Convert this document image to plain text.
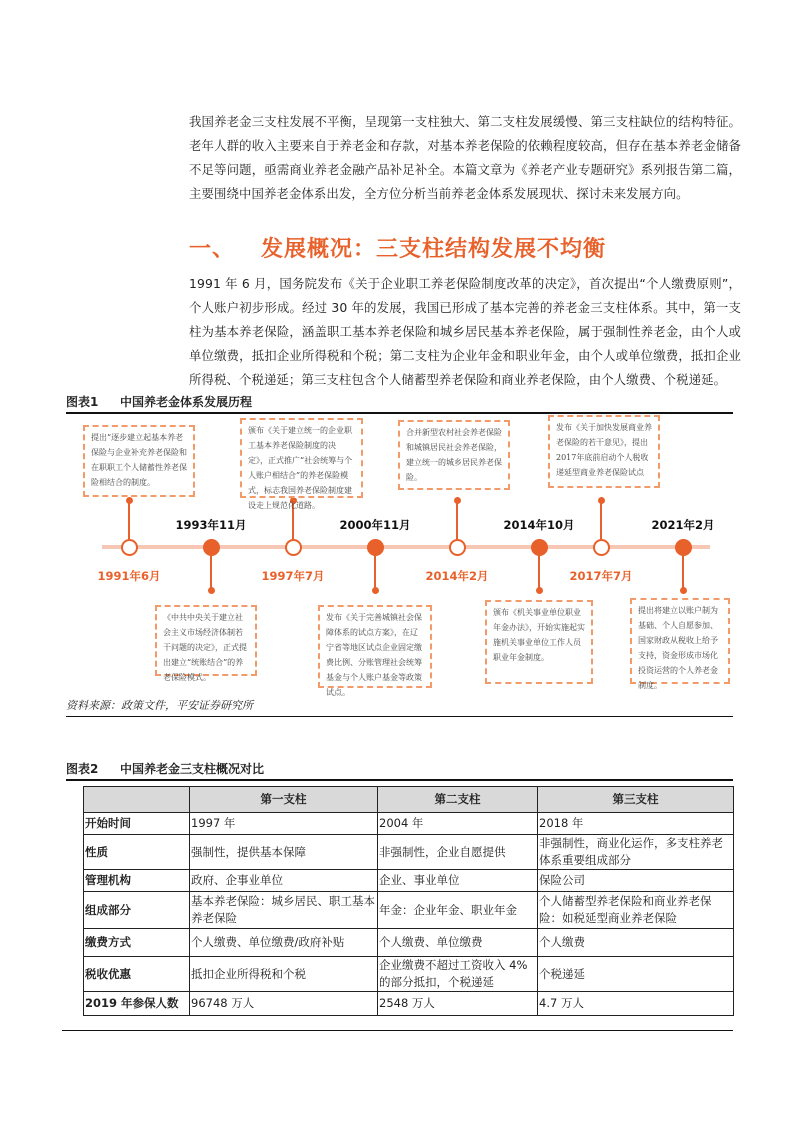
我国养老金三支柱发展不平衡，呈现第一支柱独大、第二支柱发展缓慢、第三支柱缺位的结构特征。老年人群的收入主要来自于养老金和存款，对基本养老保险的依赖程度较高，但存在基本养老金储备不足等问题，亟需商业养老金融产品补足补全。本篇文章为《养老产业专题研究》系列报告第二篇，主要围绕中国养老金体系出发，全方位分析当前养老金体系发展现状、探讨未来发展方向。
一、 发展概况：三支柱结构发展不均衡
1991 年 6 月，国务院发布《关于企业职工养老保险制度改革的决定》，首次提出“个人缴费原则”，个人账户初步形成。经过 30 年的发展，我国已形成了基本完善的养老金三支柱体系。其中，第一支柱为基本养老保险，涵盖职工基本养老保险和城乡居民基本养老保险，属于强制性养老金，由个人或单位缴费，抵扣企业所得税和个税；第二支柱为企业年金和职业年金，由个人或单位缴费，抵扣企业所得税、个税递延；第三支柱包含个人储蓄型养老保险和商业养老保险，由个人缴费、个税递延。
图表1 中国养老金体系发展历程
1991年6月
提出“逐步建立起基本养老保险与企业补充养老保险和在职职工个人储蓄性养老保险相结合的制度。
1993年11月
《中共中央关于建立社会主义市场经济体制若干问题的决定》，正式提出建立“统账结合”的养老保险模式。
1997年7月
颁布《关于建立统一的企业职工基本养老保险制度的决定》，正式推广“社会统筹与个人账户相结合”的养老保险模式，标志我国养老保险制度建设走上规范化道路。
2000年11月
发布《关于完善城镇社会保障体系的试点方案》，在辽宁省等地区试点企业固定缴费比例、分账管理社会统筹基金与个人账户基金等政策试点。
2014年2月
合并新型农村社会养老保险和城镇居民社会养老保险，建立统一的城乡居民养老保险。
2014年10月
颁布《机关事业单位职业年金办法》，开始实施起实施机关事业单位工作人员职业年金制度。
2017年7月
发布《关于加快发展商业养老保险的若干意见》，提出2017年底前启动个人税收递延型商业养老保险试点
2021年2月
提出将建立以账户制为基础、个人自愿参加、国家财政从税收上给予支持，资金形成市场化投资运营的个人养老金制度。
资料来源：政策文件，平安证券研究所
图表2 中国养老金三支柱概况对比
	第一支柱	第二支柱	第三支柱
开始时间	1997 年	2004 年	2018 年
性质	强制性，提供基本保障	非强制性，企业自愿提供	非强制性，商业化运作，多支柱养老体系重要组成部分
管理机构	政府、企事业单位	企业、事业单位	保险公司
组成部分	基本养老保险：城乡居民、职工基本养老保险	年金：企业年金、职业年金	个人储蓄型养老保险和商业养老保险：如税延型商业养老保险
缴费方式	个人缴费、单位缴费/政府补贴	个人缴费、单位缴费	个人缴费
税收优惠	抵扣企业所得税和个税	企业缴费不超过工资收入 4%的部分抵扣，个税递延	个税递延
2019 年参保人数	96748 万人	2548 万人	4.7 万人
